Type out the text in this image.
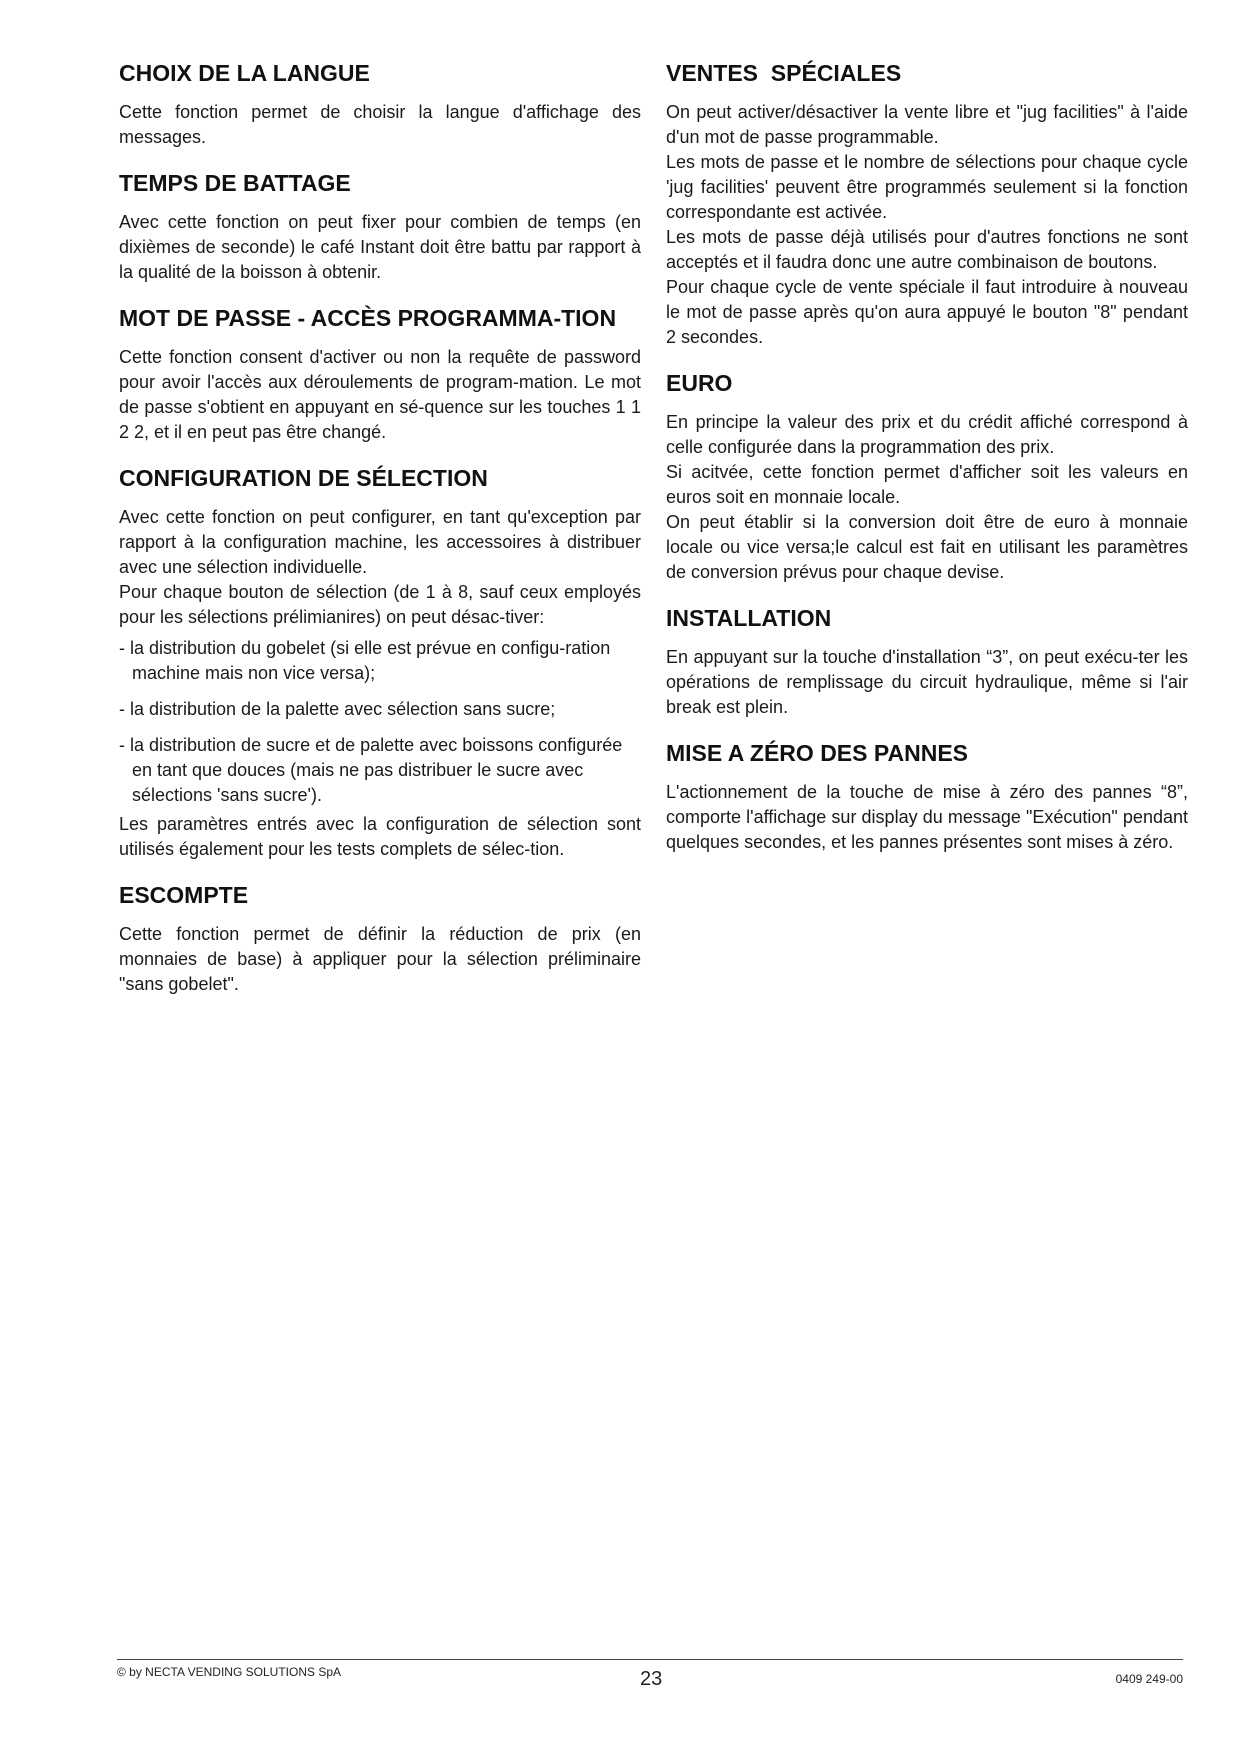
CHOIX DE LA LANGUE

Cette fonction permet de choisir la langue d'affichage des messages.

TEMPS DE BATTAGE

Avec cette fonction on peut fixer pour combien de temps (en dixièmes de seconde) le café Instant doit être battu par rapport à la qualité de la boisson à obtenir.

MOT DE PASSE - ACCÈS PROGRAMMA-TION

Cette fonction consent d'activer ou non la requête de password pour avoir l'accès aux déroulements de program-mation. Le mot de passe s'obtient en appuyant en sé-quence sur les touches 1 1 2 2, et il en peut pas être changé.

CONFIGURATION DE SÉLECTION

Avec cette fonction on peut configurer, en tant qu'exception par rapport à la configuration machine, les accessoires à distribuer avec une sélection individuelle.

Pour chaque bouton de sélection (de 1 à 8, sauf ceux employés pour les sélections prélimianires) on peut désac-tiver:

- la distribution du gobelet (si elle est prévue en configu-ration machine mais non vice versa);
- la distribution de la palette avec sélection sans sucre;
- la distribution de sucre et de palette avec boissons configurée en tant que douces (mais ne pas distribuer le sucre avec sélections 'sans sucre').

Les paramètres entrés avec la configuration de sélection sont utilisés également pour les tests complets de sélec-tion.

ESCOMPTE

Cette fonction permet de définir la réduction de prix (en monnaies de base) à appliquer pour la sélection préliminaire "sans gobelet".

VENTES  SPÉCIALES

On peut activer/désactiver la vente libre et "jug facilities" à l'aide d'un mot de passe programmable.

Les mots de passe et le nombre de sélections pour chaque cycle 'jug facilities' peuvent être programmés seulement si la fonction correspondante est activée.

Les mots de passe déjà utilisés pour d'autres fonctions ne sont acceptés et il faudra donc une autre combinaison de boutons.

Pour chaque cycle de vente spéciale il faut introduire à nouveau le mot de passe après qu'on aura appuyé le bouton "8" pendant 2 secondes.

EURO

En principe la valeur des prix et du crédit affiché correspond à celle configurée dans la programmation des prix.

Si acitvée, cette fonction permet d'afficher soit les valeurs en euros soit en monnaie locale.

On peut établir si la conversion doit être de euro à monnaie locale ou vice versa;le calcul est fait en utilisant les paramètres de conversion prévus pour chaque devise.

INSTALLATION

En appuyant sur la touche d'installation “3”, on peut exécu-ter les opérations de remplissage du circuit hydraulique, même si l'air break est plein.

MISE A ZÉRO DES PANNES

L'actionnement de la touche de mise à zéro des pannes “8”, comporte l'affichage sur display du message "Exécution" pendant quelques secondes, et les pannes présentes sont mises à zéro.

© by NECTA VENDING SOLUTIONS SpA	23	0409 249-00
